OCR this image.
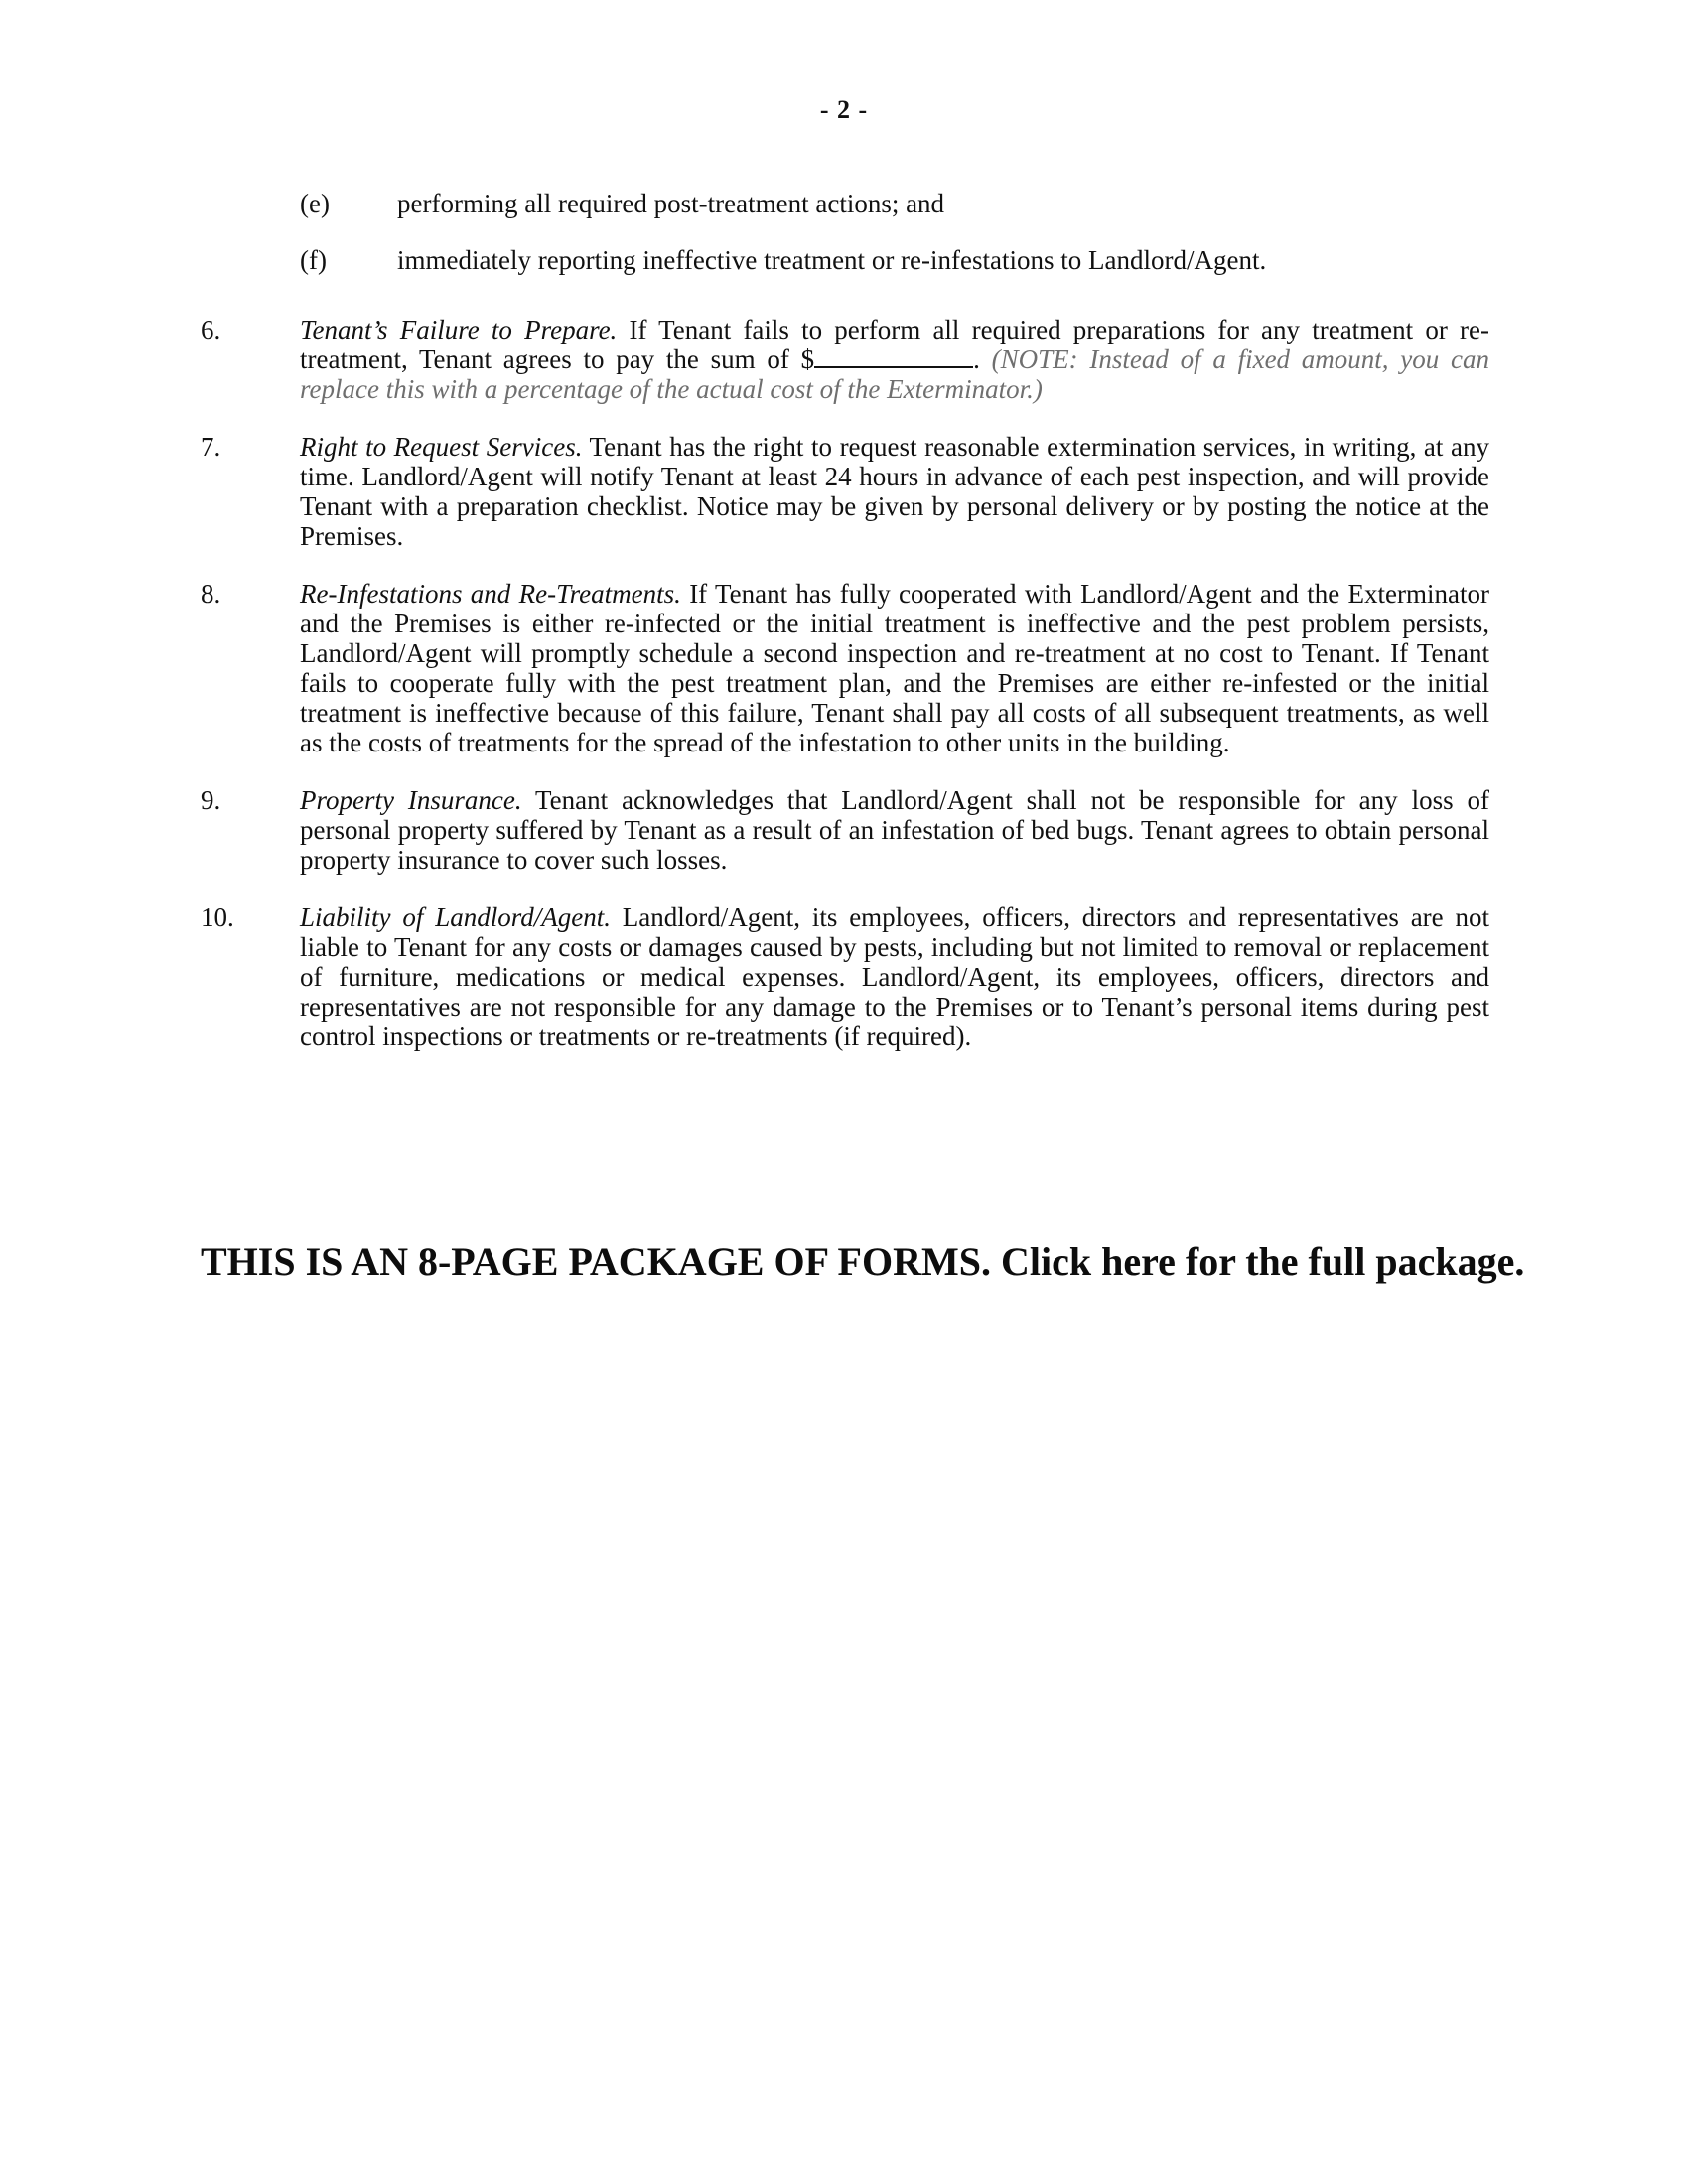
- 2 -
(e)	performing all required post-treatment actions; and
(f)	immediately reporting ineffective treatment or re-infestations to Landlord/Agent.
6.	Tenant’s Failure to Prepare. If Tenant fails to perform all required preparations for any treatment or re-treatment, Tenant agrees to pay the sum of $	. (NOTE: Instead of a fixed amount, you can replace this with a percentage of the actual cost of the Exterminator.)

7.	Right to Request Services. Tenant has the right to request reasonable extermination services, in writing, at any time. Landlord/Agent will notify Tenant at least 24 hours in advance of each pest inspection, and will provide Tenant with a preparation checklist. Notice may be given by personal delivery or by posting the notice at the Premises.

8.	Re-Infestations and Re-Treatments. If Tenant has fully cooperated with Landlord/Agent and the Exterminator and the Premises is either re-infected or the initial treatment is ineffective and the pest problem persists, Landlord/Agent will promptly schedule a second inspection and re-treatment at no cost to Tenant. If Tenant fails to cooperate fully with the pest treatment plan, and the Premises are either re-infested or the initial treatment is ineffective because of this failure, Tenant shall pay all costs of all subsequent treatments, as well as the costs of treatments for the spread of the infestation to other units in the building.

9.	Property Insurance. Tenant acknowledges that Landlord/Agent shall not be responsible for any loss of personal property suffered by Tenant as a result of an infestation of bed bugs. Tenant agrees to obtain personal property insurance to cover such losses.

10.	Liability of Landlord/Agent. Landlord/Agent, its employees, officers, directors and representatives are not liable to Tenant for any costs or damages caused by pests, including but not limited to removal or replacement of furniture, medications or medical expenses. Landlord/Agent, its employees, officers, directors and representatives are not responsible for any damage to the Premises or to Tenant’s personal items during pest control inspections or treatments or re-treatments (if required).

THIS IS AN 8-PAGE PACKAGE OF FORMS. Click here for the full package.
